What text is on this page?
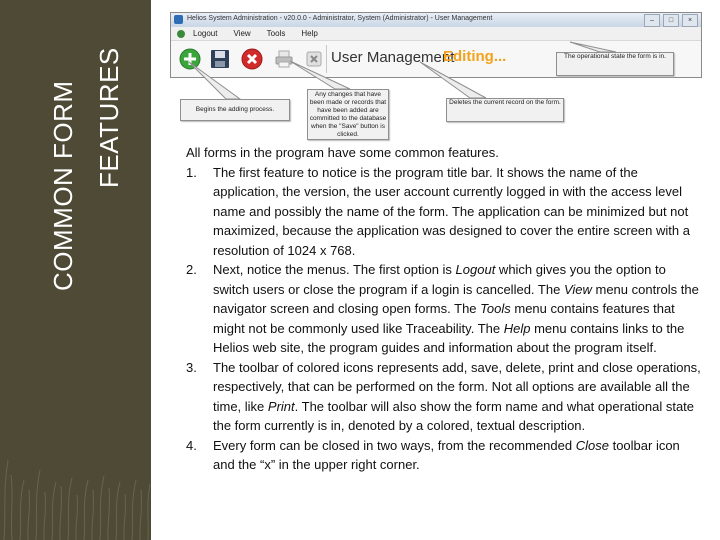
COMMON FORM FEATURES
Helios System Administration - v20.0.0 - Administrator, System (Administrator) - User Management	–	□	×
Logout	View	Tools	Help
User Management
Editing...
Begins the adding process.
Any changes that have been made or records that have been added are committed to the database when the "Save" button is clicked.
Deletes the current record on the form.
The operational state the form is in.
All forms in the program have some common features.
1. The first feature to notice is the program title bar. It shows the name of the application, the version, the user account currently logged in with the access level name and possibly the name of the form. The application can be minimized but not maximized, because the application was designed to cover the entire screen with a resolution of 1024 x 768.
2. Next, notice the menus. The first option is Logout which gives you the option to switch users or close the program if a login is cancelled. The View menu controls the navigator screen and closing open forms. The Tools menu contains features that might not be commonly used like Traceability. The Help menu contains links to the Helios web site, the program guides and information about the program itself.
3. The toolbar of colored icons represents add, save, delete, print and close operations, respectively, that can be performed on the form. Not all options are available all the time, like Print. The toolbar will also show the form name and what operational state the form currently is in, denoted by a colored, textual description.
4. Every form can be closed in two ways, from the recommended Close toolbar icon and the “x” in the upper right corner.
